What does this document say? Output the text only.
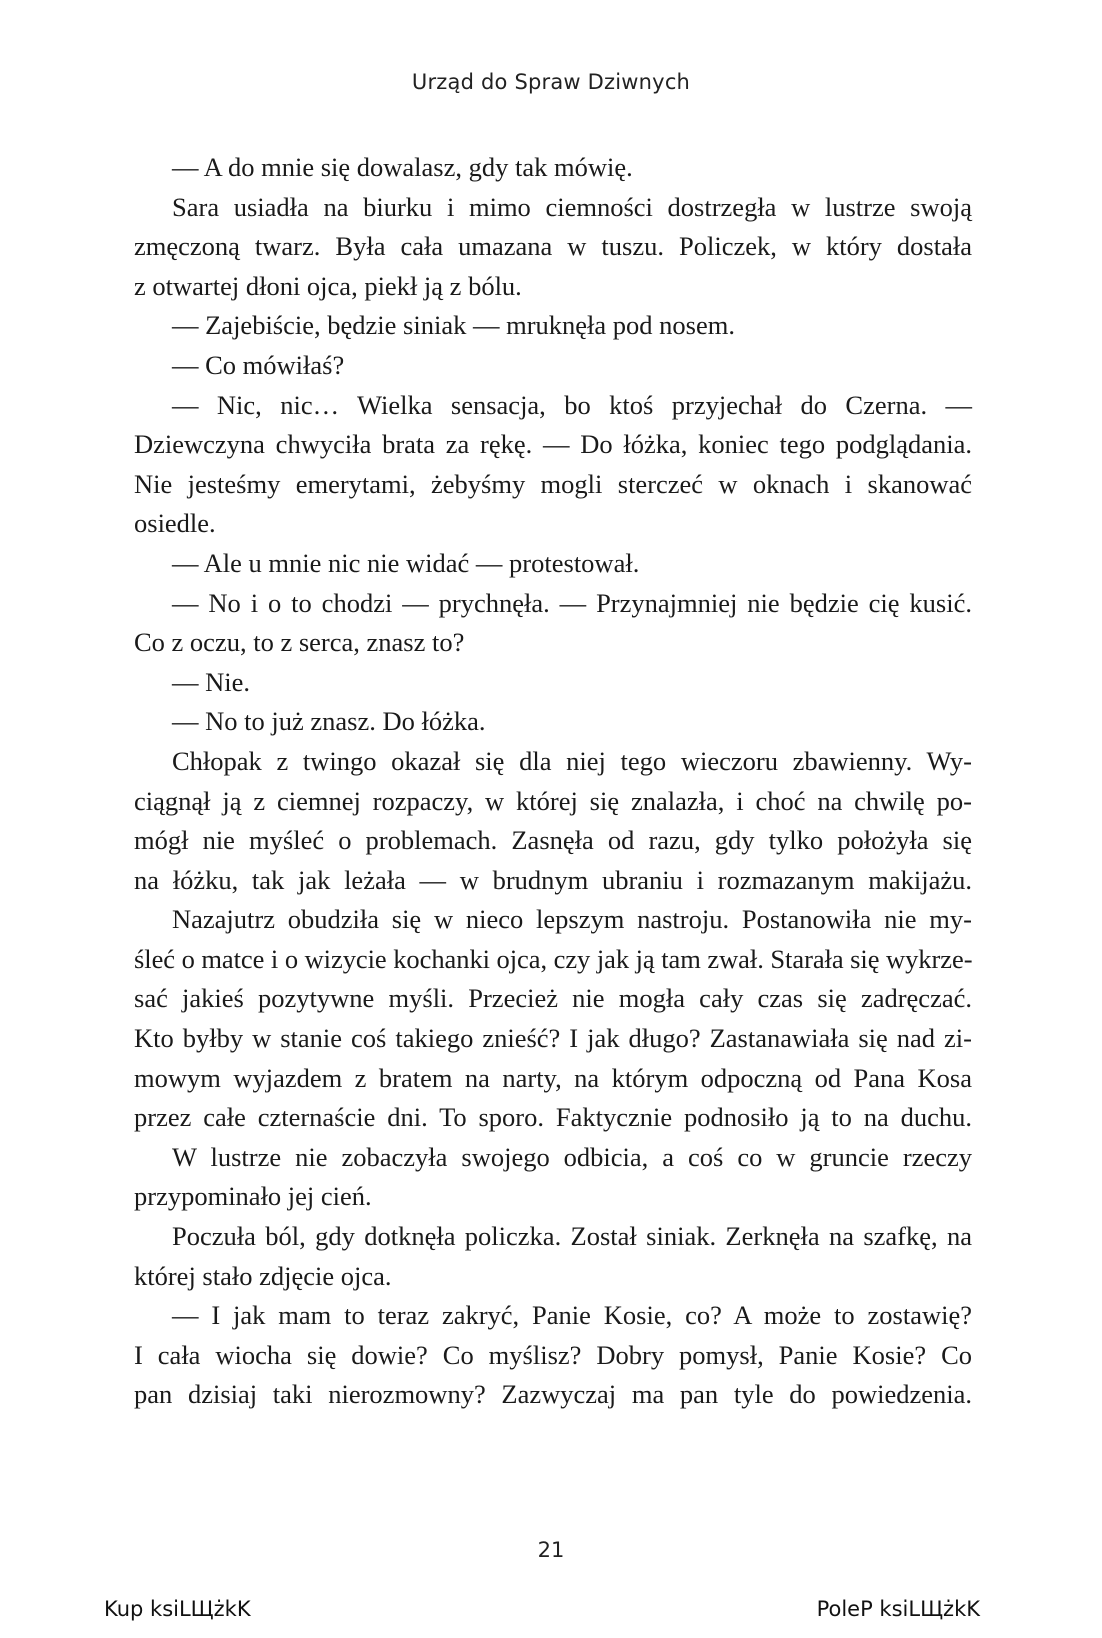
Urząd do Spraw Dziwnych
— A do mnie się dowalasz, gdy tak mówię.
Sara usiadła na biurku i mimo ciemności dostrzegła w lustrze swoją
zmęczoną twarz. Była cała umazana w tuszu. Policzek, w który dostała
z otwartej dłoni ojca, piekł ją z bólu.
— Zajebiście, będzie siniak — mruknęła pod nosem.
— Co mówiłaś?
— Nic, nic… Wielka sensacja, bo ktoś przyjechał do Czerna. —
Dziewczyna chwyciła brata za rękę. — Do łóżka, koniec tego podglądania.
Nie jesteśmy emerytami, żebyśmy mogli sterczeć w oknach i skanować
osiedle.
— Ale u mnie nic nie widać — protestował.
— No i o to chodzi — prychnęła. — Przynajmniej nie będzie cię kusić.
Co z oczu, to z serca, znasz to?
— Nie.
— No to już znasz. Do łóżka.
Chłopak z twingo okazał się dla niej tego wieczoru zbawienny. Wy-
ciągnął ją z ciemnej rozpaczy, w której się znalazła, i choć na chwilę po-
mógł nie myśleć o problemach. Zasnęła od razu, gdy tylko położyła się
na łóżku, tak jak leżała — w brudnym ubraniu i rozmazanym makijażu.
Nazajutrz obudziła się w nieco lepszym nastroju. Postanowiła nie my-
śleć o matce i o wizycie kochanki ojca, czy jak ją tam zwał. Starała się wykrze-
sać jakieś pozytywne myśli. Przecież nie mogła cały czas się zadręczać.
Kto byłby w stanie coś takiego znieść? I jak długo? Zastanawiała się nad zi-
mowym wyjazdem z bratem na narty, na którym odpoczną od Pana Kosa
przez całe czternaście dni. To sporo. Faktycznie podnosiło ją to na duchu.
W lustrze nie zobaczyła swojego odbicia, a coś co w gruncie rzeczy
przypominało jej cień.
Poczuła ból, gdy dotknęła policzka. Został siniak. Zerknęła na szafkę, na
której stało zdjęcie ojca.
— I jak mam to teraz zakryć, Panie Kosie, co? A może to zostawię?
I cała wiocha się dowie? Co myślisz? Dobry pomysł, Panie Kosie? Co
pan dzisiaj taki nierozmowny? Zazwyczaj ma pan tyle do powiedzenia.
21
Kup ksiLЩżkK	PoleP ksiLЩżkK
